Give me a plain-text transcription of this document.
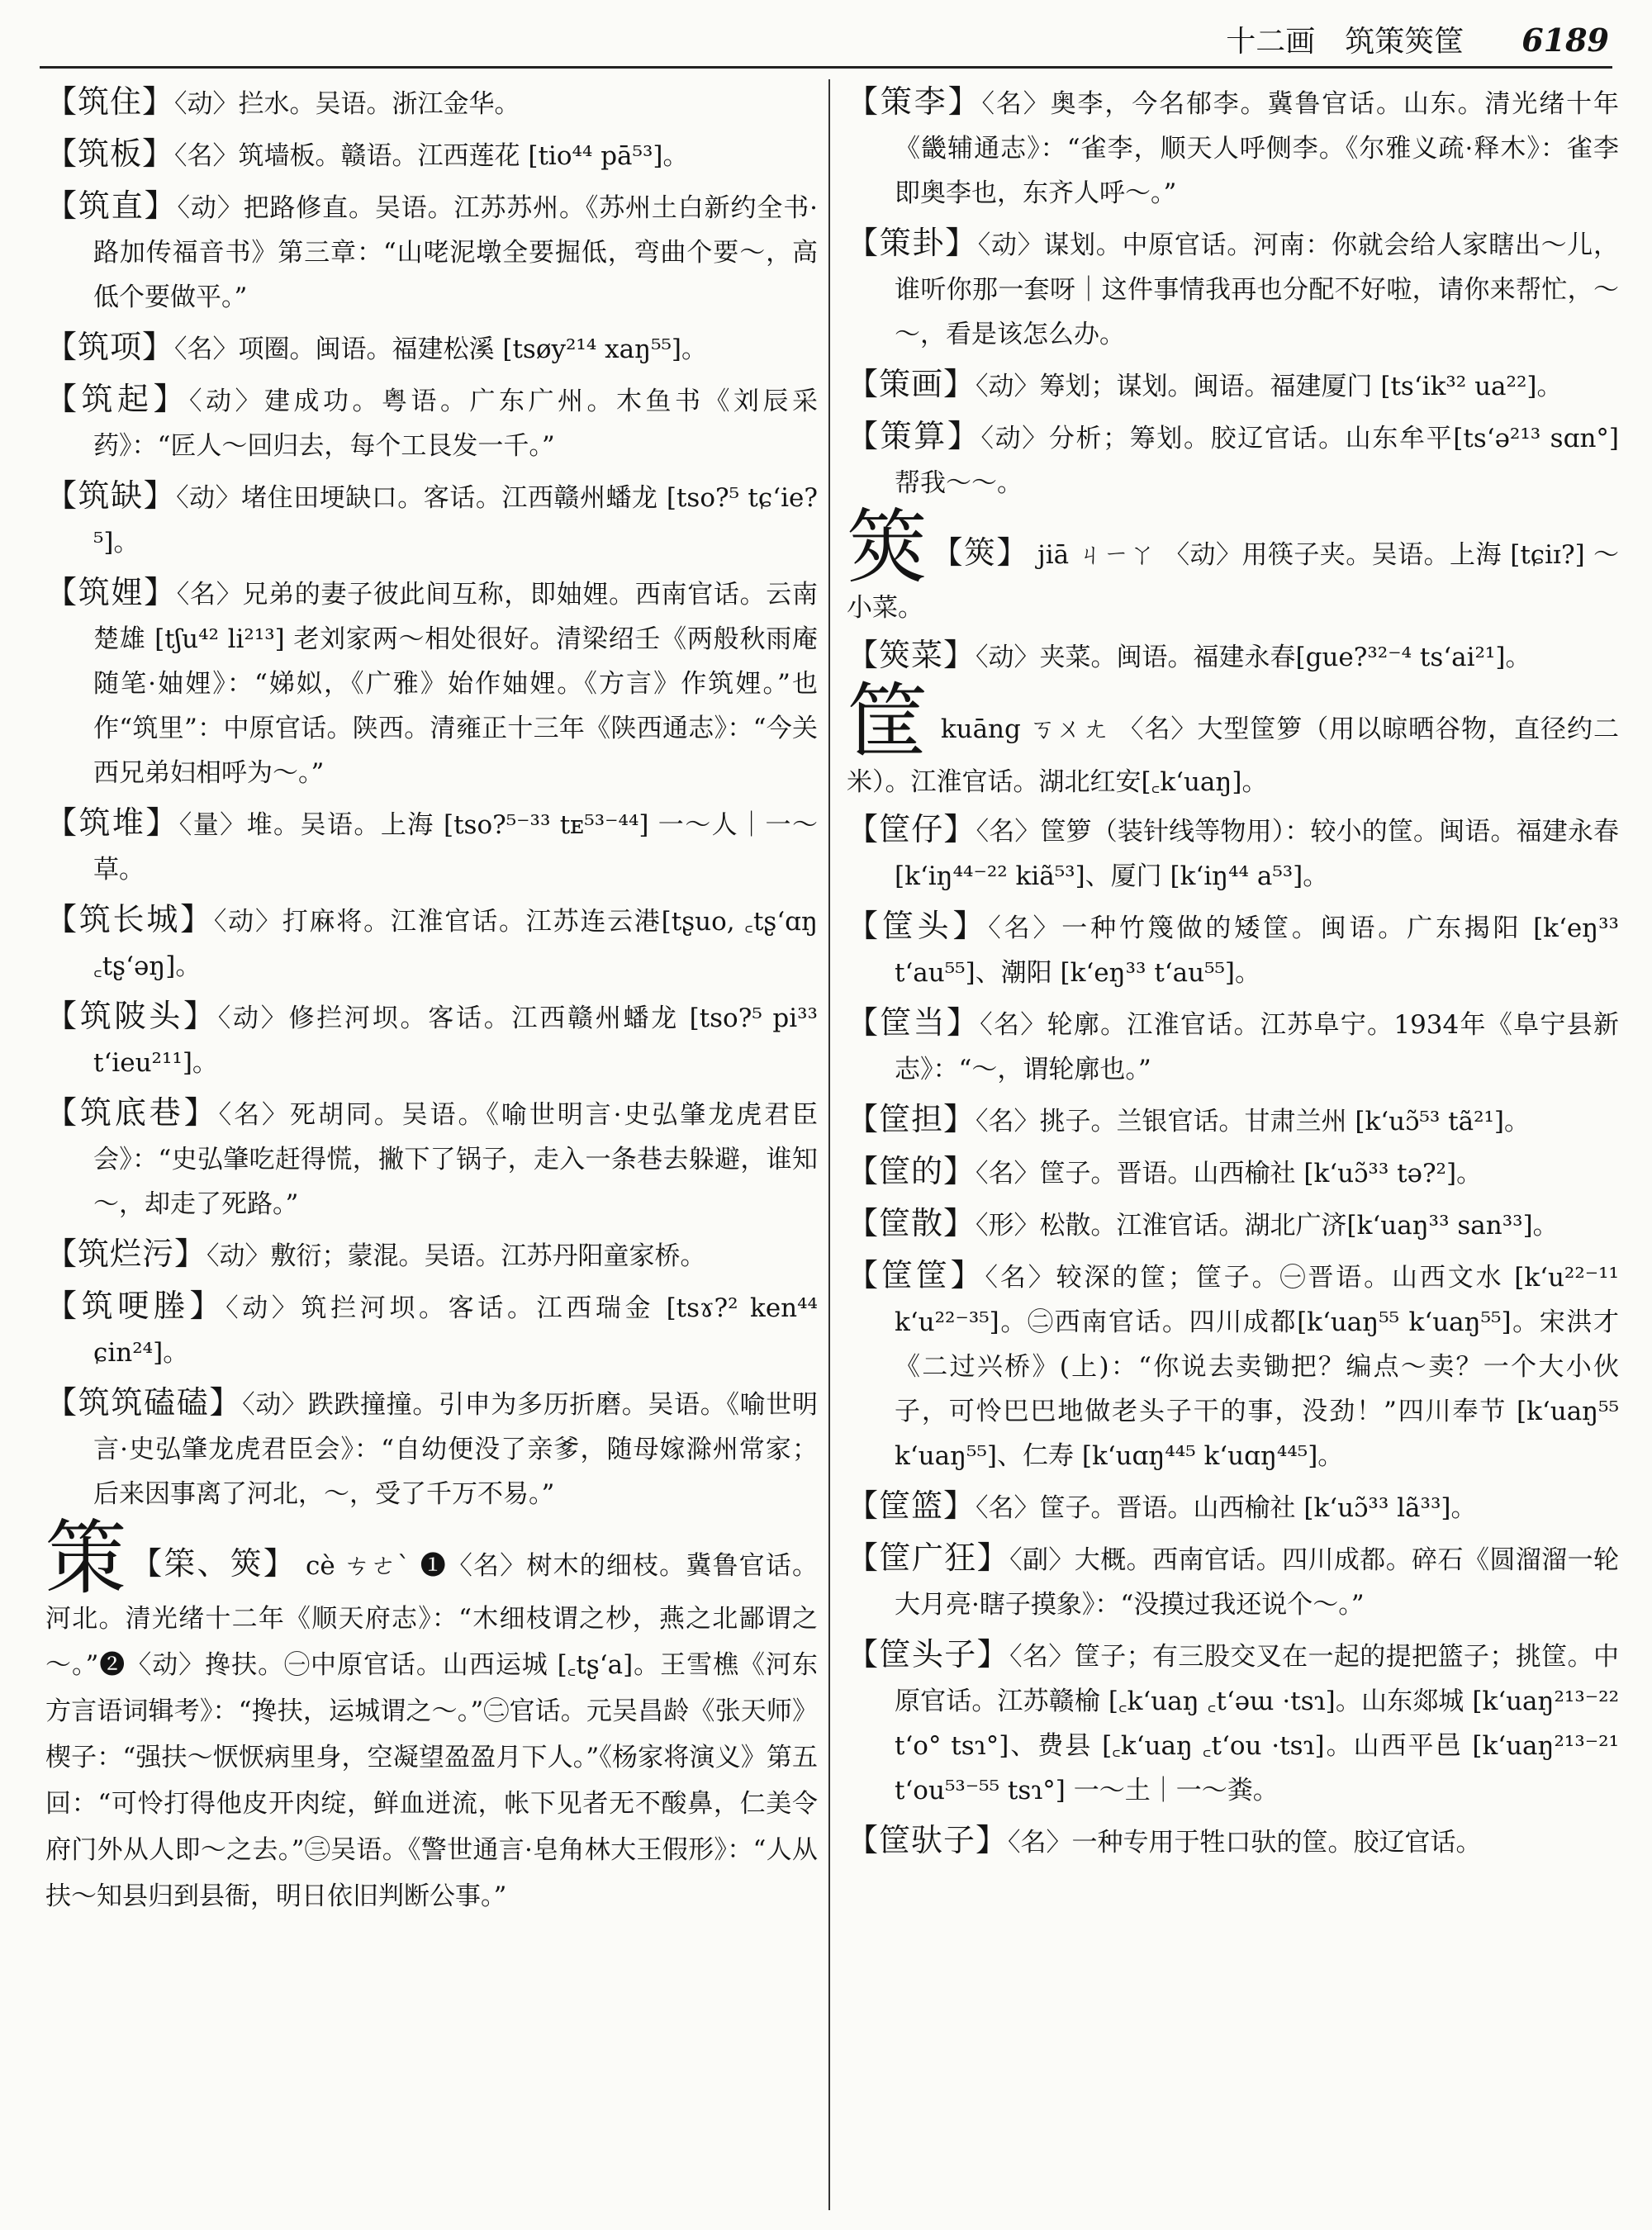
十二画　筑策筴筐 6189
【筑住】〈动〉拦水。吴语。浙江金华。
【筑板】〈名〉筑墙板。赣语。江西莲花 [tio⁴⁴ pā⁵³]。
【筑直】〈动〉把路修直。吴语。江苏苏州。《苏州土白新约全书·路加传福音书》第三章：“山咾泥墩全要掘低，弯曲个要～，高低个要做平。”
【筑项】〈名〉项圈。闽语。福建松溪 [tsøy²¹⁴ xaŋ⁵⁵]。
【筑起】〈动〉建成功。粤语。广东广州。木鱼书《刘辰采药》：“匠人～回归去，每个工艮发一千。”
【筑缺】〈动〉堵住田埂缺口。客话。江西赣州蟠龙 [tso?⁵ tɕ‘ie?⁵]。
【筑娌】〈名〉兄弟的妻子彼此间互称，即妯娌。西南官话。云南楚雄 [tʃu⁴² li²¹³] 老刘家两～相处很好。清梁绍壬《两般秋雨庵随笔·妯娌》：“娣姒，《广雅》始作妯娌。《方言》作筑娌。”也作“筑里”：中原官话。陕西。清雍正十三年《陕西通志》：“今关西兄弟妇相呼为～。”
【筑堆】〈量〉堆。吴语。上海 [tso?⁵⁻³³ tᴇ⁵³⁻⁴⁴] 一～人｜一～草。
【筑长城】〈动〉打麻将。江淮官话。江苏连云港[tʂuo, ꜀tʂ‘ɑŋ ꜀tʂ‘əŋ]。
【筑陂头】〈动〉修拦河坝。客话。江西赣州蟠龙 [tso?⁵ pi³³ t‘ieu²¹¹]。
【筑底巷】〈名〉死胡同。吴语。《喻世明言·史弘肇龙虎君臣会》：“史弘肇吃赶得慌，撇下了锅子，走入一条巷去躲避，谁知～，却走了死路。”
【筑烂污】〈动〉敷衍；蒙混。吴语。江苏丹阳童家桥。
【筑哽塍】〈动〉筑拦河坝。客话。江西瑞金 [tsɤ?² ken⁴⁴ ɕin²⁴]。
【筑筑磕磕】〈动〉跌跌撞撞。引申为多历折磨。吴语。《喻世明言·史弘肇龙虎君臣会》：“自幼便没了亲爹，随母嫁滁州常家；后来因事离了河北，～，受了千万不易。”
策 【筞、筴】 cè ㄘㄜˋ ❶〈名〉树木的细枝。冀鲁官话。河北。清光绪十二年《顺天府志》：“木细枝谓之杪，燕之北鄙谓之～。”❷〈动〉搀扶。㊀中原官话。山西运城 [꜀tʂ‘a]。王雪樵《河东方言语词辑考》：“搀扶，运城谓之～。”㊁官话。元吴昌龄《张天师》楔子：“强扶～恹恹病里身，空凝望盈盈月下人。”《杨家将演义》第五回：“可怜打得他皮开肉绽，鲜血迸流，帐下见者无不酸鼻，仁美令府门外从人即～之去。”㊂吴语。《警世通言·皂角林大王假形》：“人从扶～知县归到县衙，明日依旧判断公事。”
【策李】〈名〉奥李，今名郁李。冀鲁官话。山东。清光绪十年《畿辅通志》：“雀李，顺天人呼侧李。《尔雅义疏·释木》：雀李即奥李也，东齐人呼～。”
【策卦】〈动〉谋划。中原官话。河南：你就会给人家瞎出～儿，谁听你那一套呀｜这件事情我再也分配不好啦，请你来帮忙，～～，看是该怎么办。
【策画】〈动〉筹划；谋划。闽语。福建厦门 [ts‘ik³² ua²²]。
【策算】〈动〉分析；筹划。胶辽官话。山东牟平[ts‘ə²¹³ sɑn°] 帮我～～。
筴 【筴】 jiā ㄐㄧㄚ 〈动〉用筷子夹。吴语。上海 [tɕiɪ?] ～小菜。
【筴菜】〈动〉夹菜。闽语。福建永春[gue?³²⁻⁴ ts‘ai²¹]。
筐 kuāng ㄎㄨㄤ 〈名〉大型筐箩（用以晾晒谷物，直径约二米）。江淮官话。湖北红安[꜀k‘uaŋ]。
【筐仔】〈名〉筐箩（装针线等物用）：较小的筐。闽语。福建永春 [k‘iŋ⁴⁴⁻²² kiã⁵³]、厦门 [k‘iŋ⁴⁴ a⁵³]。
【筐头】〈名〉一种竹篾做的矮筐。闽语。广东揭阳 [k‘eŋ³³ t‘au⁵⁵]、潮阳 [k‘eŋ³³ t‘au⁵⁵]。
【筐当】〈名〉轮廓。江淮官话。江苏阜宁。1934年《阜宁县新志》：“～，谓轮廓也。”
【筐担】〈名〉挑子。兰银官话。甘肃兰州 [k‘uɔ̃⁵³ tã²¹]。
【筐的】〈名〉筐子。晋语。山西榆社 [k‘uɔ̃³³ tə?²]。
【筐散】〈形〉松散。江淮官话。湖北广济[k‘uaŋ³³ san³³]。
【筐筐】〈名〉较深的筐；筐子。㊀晋语。山西文水 [k‘u²²⁻¹¹ k‘u²²⁻³⁵]。㊁西南官话。四川成都[k‘uaŋ⁵⁵ k‘uaŋ⁵⁵]。宋洪才《二过兴桥》(上)：“你说去卖锄把？编点～卖？一个大小伙子，可怜巴巴地做老头子干的事，没劲！”四川奉节 [k‘uaŋ⁵⁵ k‘uaŋ⁵⁵]、仁寿 [k‘uɑŋ⁴⁴⁵ k‘uɑŋ⁴⁴⁵]。
【筐篮】〈名〉筐子。晋语。山西榆社 [k‘uɔ̃³³ lã³³]。
【筐广狂】〈副〉大概。西南官话。四川成都。碎石《圆溜溜一轮大月亮·瞎子摸象》：“没摸过我还说个～。”
【筐头子】〈名〉筐子；有三股交叉在一起的提把篮子；挑筐。中原官话。江苏赣榆 [꜀k‘uaŋ ꜀t‘əɯ ·tsɿ]。山东郯城 [k‘uaŋ²¹³⁻²² t‘o° tsɿ°]、费县 [꜀k‘uaŋ ꜀t‘ou ·tsɿ]。山西平邑 [k‘uaŋ²¹³⁻²¹ t‘ou⁵³⁻⁵⁵ tsɿ°] 一～土｜一～粪。
【筐驮子】〈名〉一种专用于牲口驮的筐。胶辽官话。
